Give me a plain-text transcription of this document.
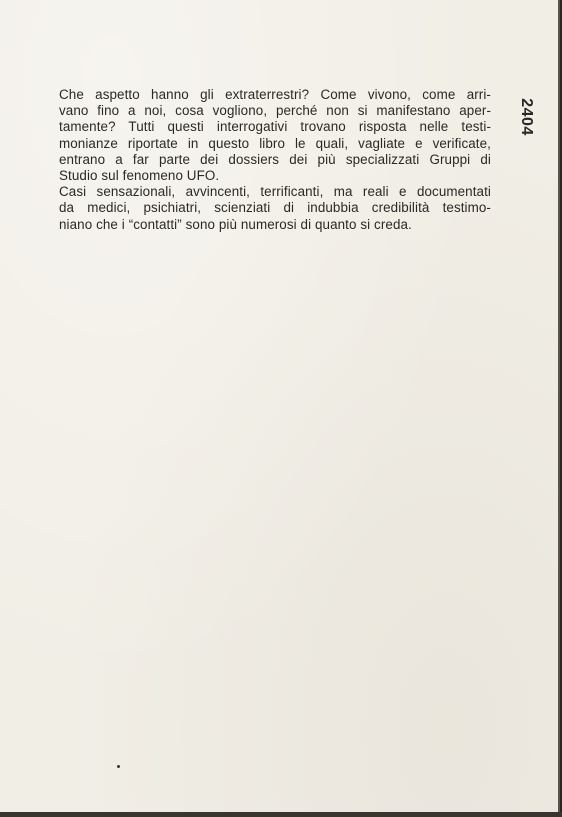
Che aspetto hanno gli extraterrestri? Come vivono, come arri-
vano fino a noi, cosa vogliono, perché non si manifestano aper-
tamente? Tutti questi interrogativi trovano risposta nelle testi-
monianze riportate in questo libro le quali, vagliate e verificate,
entrano a far parte dei dossiers dei più specializzati Gruppi di
Studio sul fenomeno UFO.
Casi sensazionali, avvincenti, terrificanti, ma reali e documentati
da medici, psichiatri, scienziati di indubbia credibilità testimo-
niano che i “contatti” sono più numerosi di quanto si creda.
2404
